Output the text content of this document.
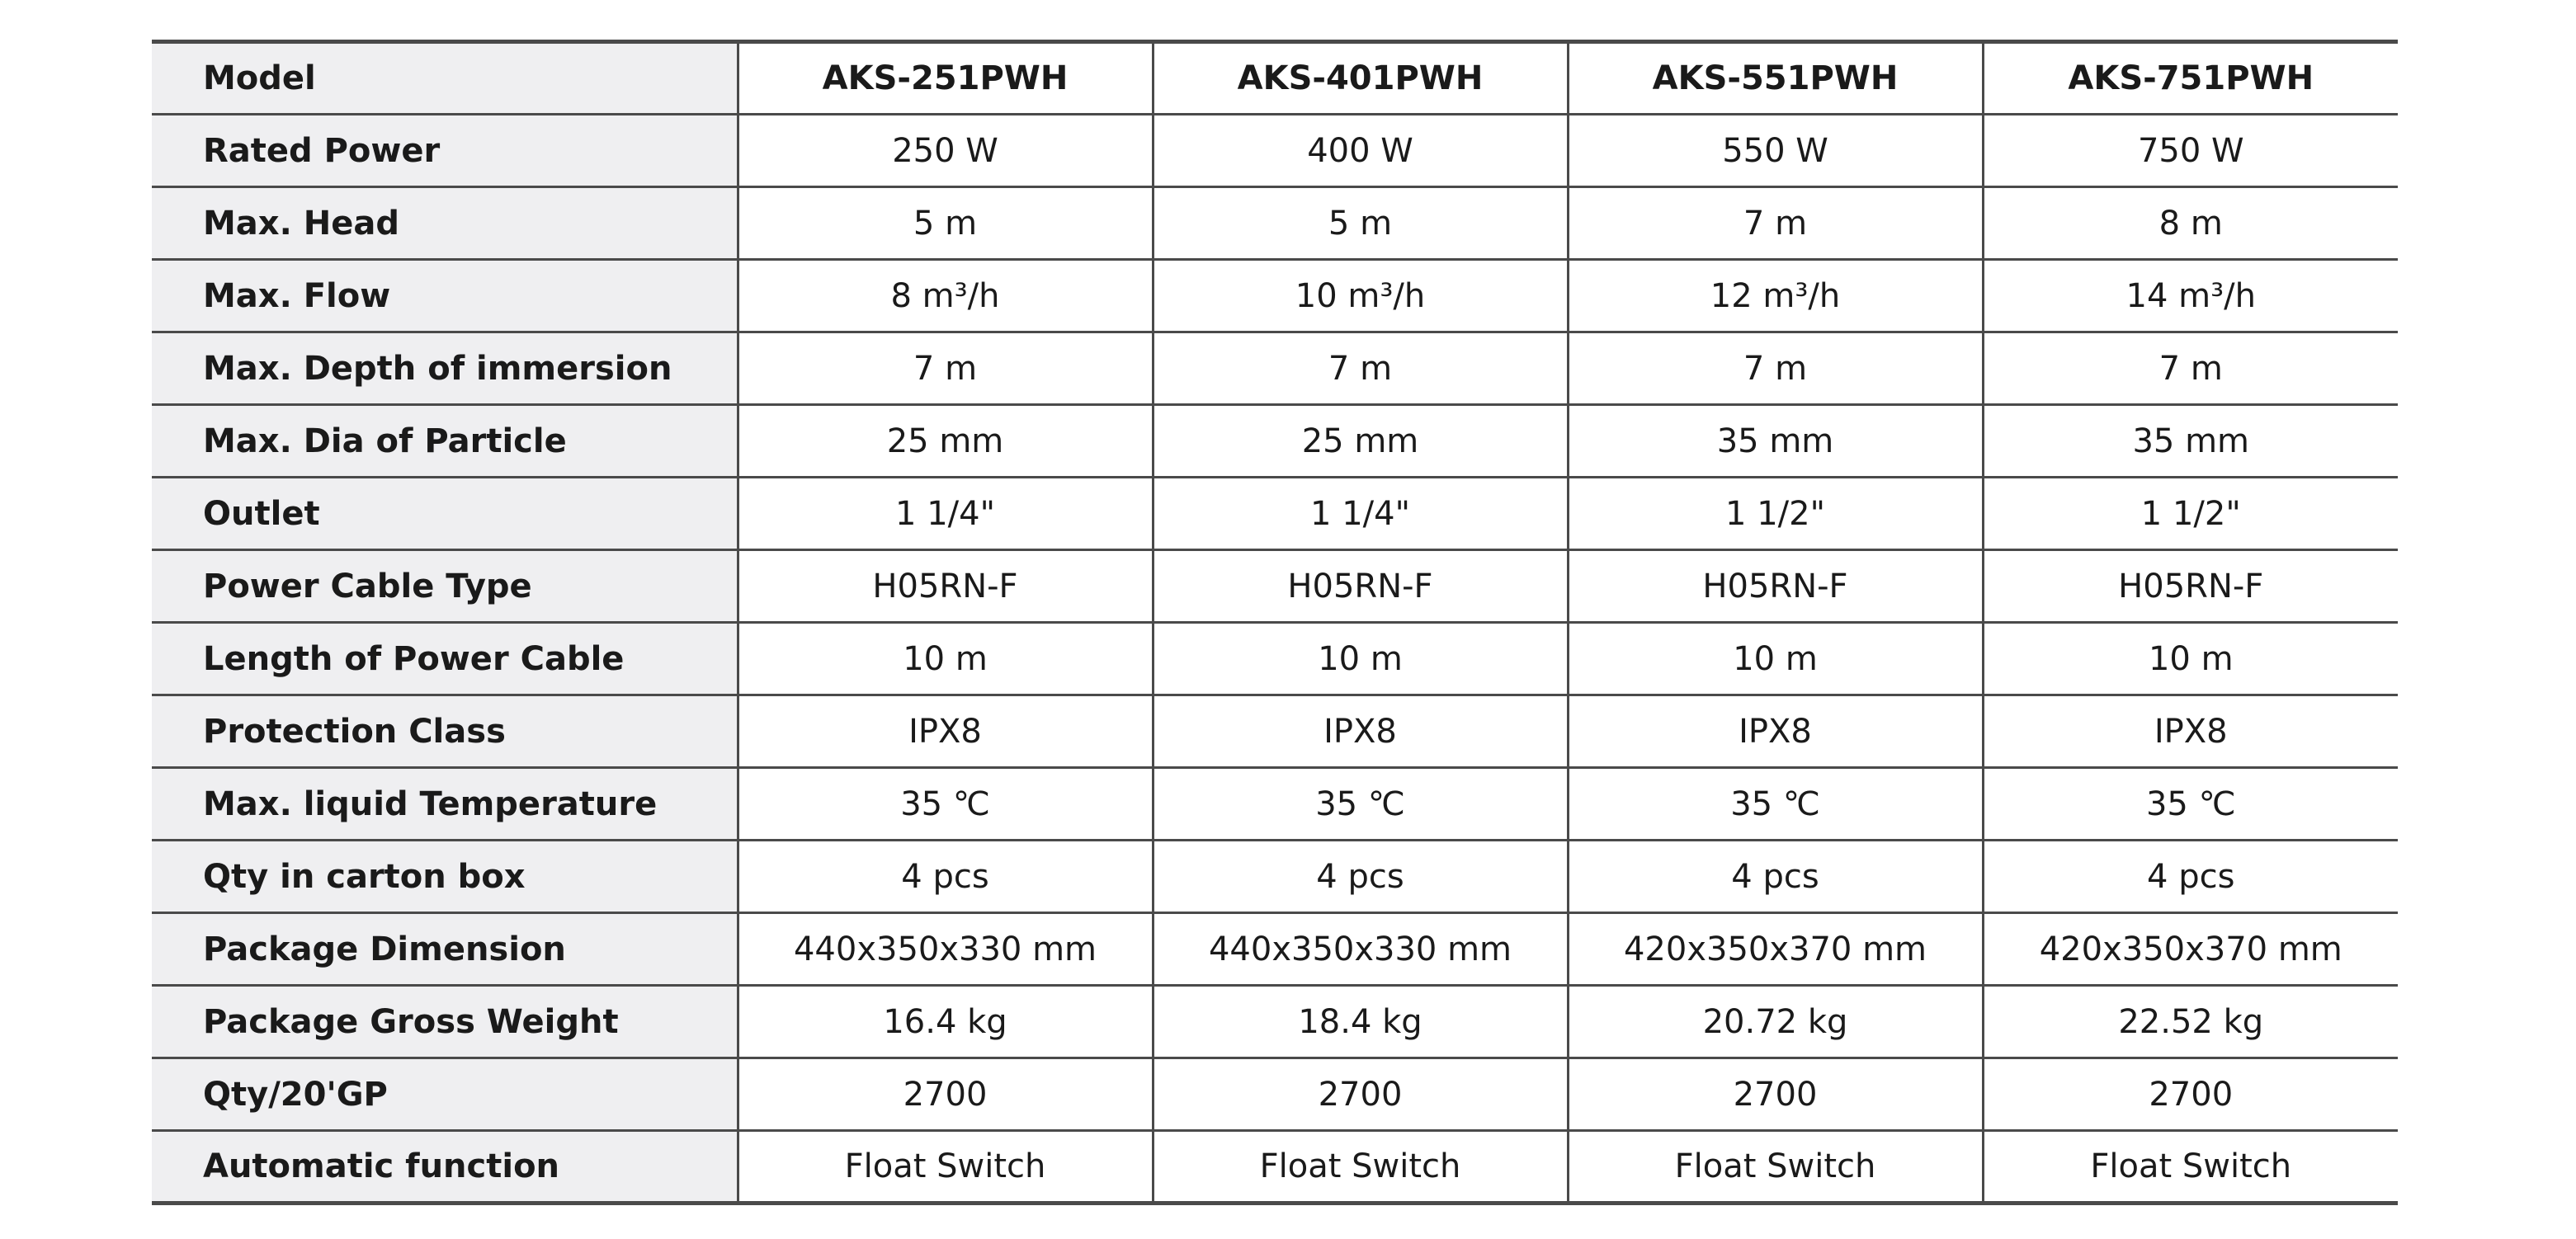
Model	AKS-251PWH	AKS-401PWH	AKS-551PWH	AKS-751PWH
Rated Power	250 W	400 W	550 W	750 W
Max. Head	5 m	5 m	7 m	8 m
Max. Flow	8 m³/h	10 m³/h	12 m³/h	14 m³/h
Max. Depth of immersion	7 m	7 m	7 m	7 m
Max. Dia of Particle	25 mm	25 mm	35 mm	35 mm
Outlet	1 1/4"	1 1/4"	1 1/2"	1 1/2"
Power Cable Type	H05RN-F	H05RN-F	H05RN-F	H05RN-F
Length of Power Cable	10 m	10 m	10 m	10 m
Protection Class	IPX8	IPX8	IPX8	IPX8
Max. liquid Temperature	35 ℃	35 ℃	35 ℃	35 ℃
Qty in carton box	4 pcs	4 pcs	4 pcs	4 pcs
Package Dimension	440x350x330 mm	440x350x330 mm	420x350x370 mm	420x350x370 mm
Package Gross Weight	16.4 kg	18.4 kg	20.72 kg	22.52 kg
Qty/20'GP	2700	2700	2700	2700
Automatic function	Float Switch	Float Switch	Float Switch	Float Switch
